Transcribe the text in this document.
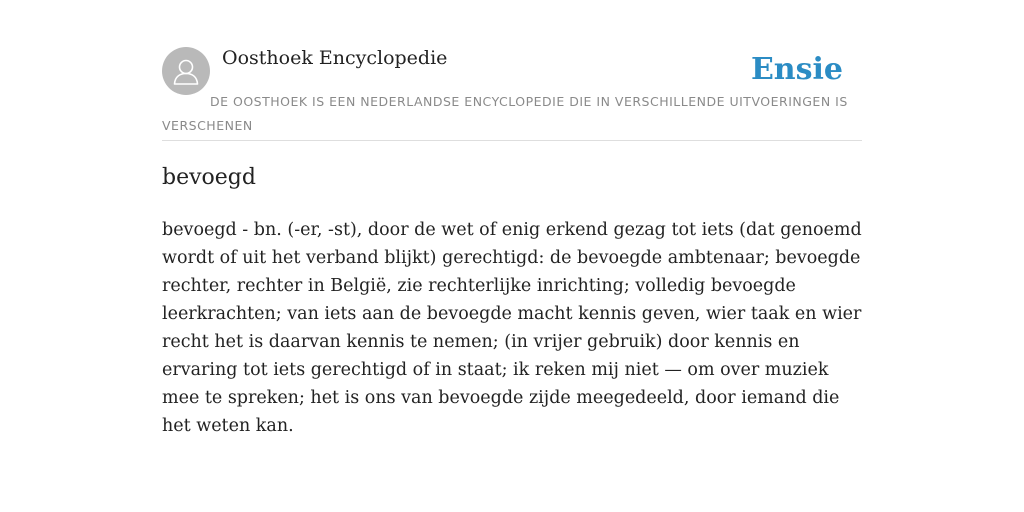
Oosthoek Encyclopedie	Ensie
DE OOSTHOEK IS EEN NEDERLANDSE ENCYCLOPEDIE DIE IN VERSCHILLENDE UITVOERINGEN IS VERSCHENEN
bevoegd

bevoegd - bn. (-er, -st), door de wet of enig erkend gezag tot iets (dat genoemd wordt of uit het verband blijkt) gerechtigd: de bevoegde ambtenaar; bevoegde rechter, rechter in België, zie rechterlijke inrichting; volledig bevoegde leerkrachten; van iets aan de bevoegde macht kennis geven, wier taak en wier recht het is daarvan kennis te nemen; (in vrijer gebruik) door kennis en ervaring tot iets gerechtigd of in staat; ik reken mij niet — om over muziek mee te spreken; het is ons van bevoegde zijde meegedeeld, door iemand die het weten kan.
